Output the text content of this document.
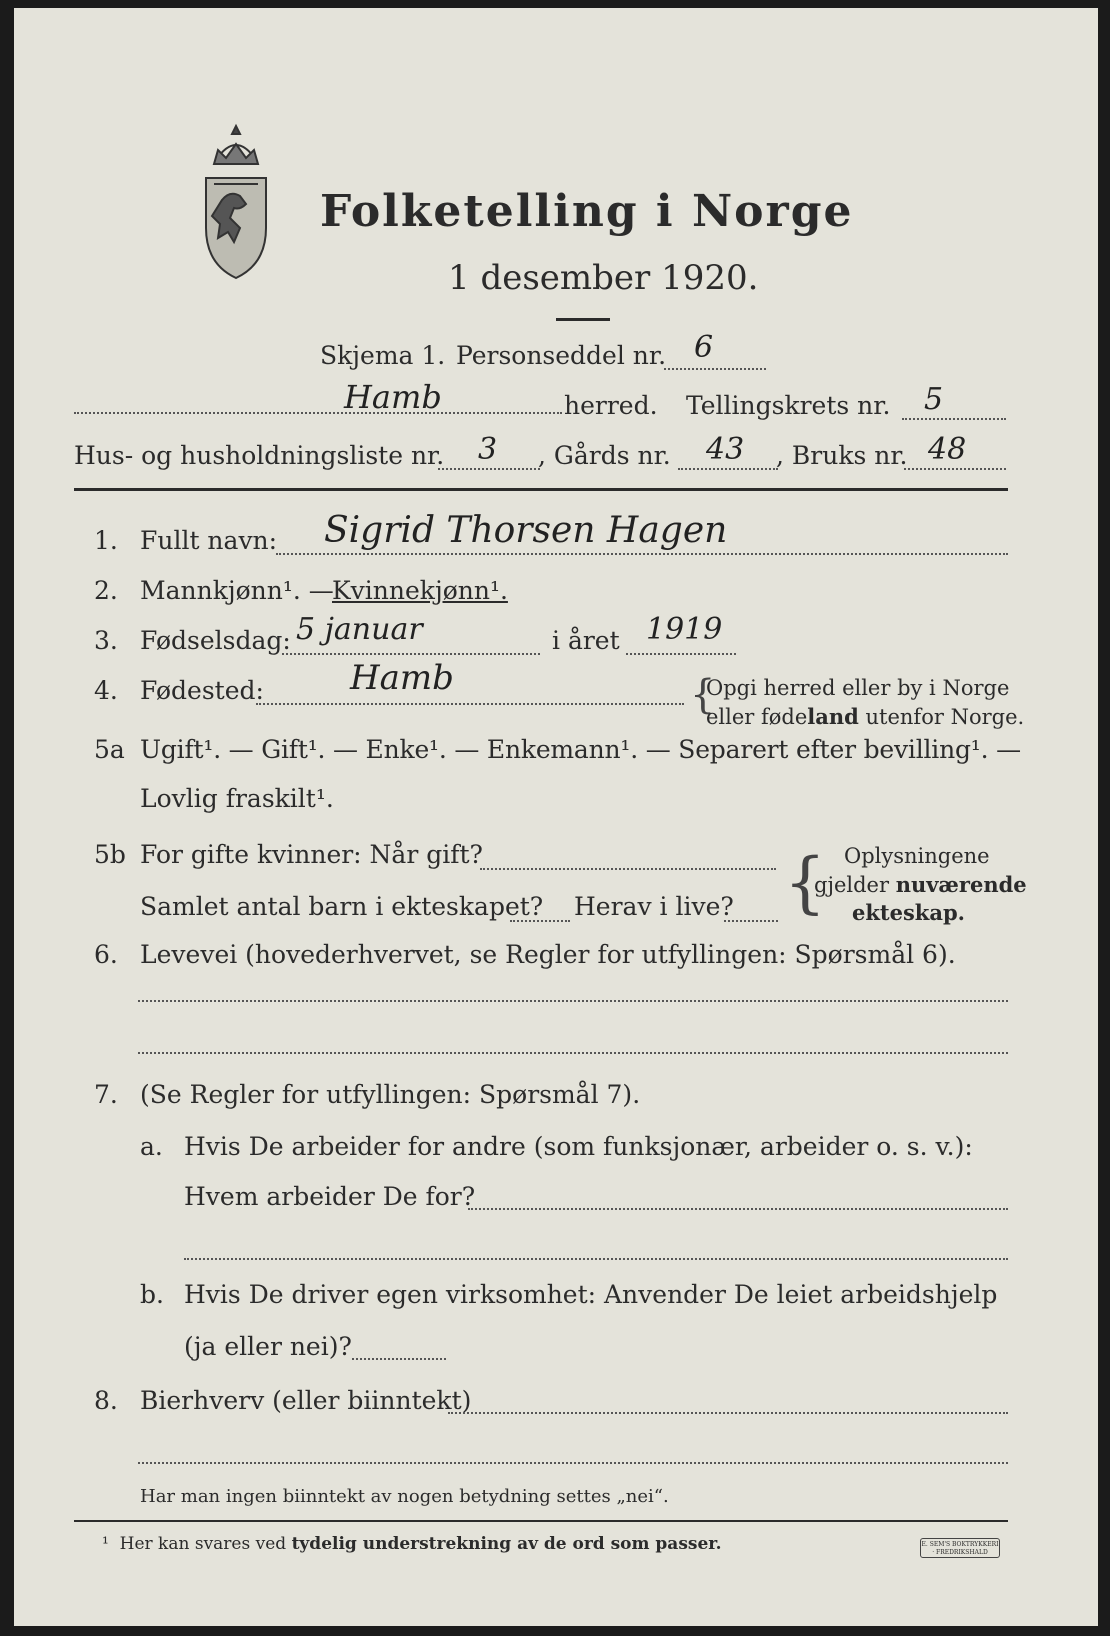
Folketelling i Norge
1 desember 1920.
Skjema 1. Personseddel nr. 6
Hamb	herred. Tellingskrets nr. 5
Hus- og husholdningsliste nr. 3 , Gårds nr. 43 , Bruks nr. 48
1. Fullt navn: Sigrid Thorsen Hagen
2. Mannkjønn¹. —
Kvinnekjønn¹.
3. Fødselsdag: 5 januar	i året 1919
4. Fødested:	Hamb	{
Opgi herred eller by i Norge
eller fødeland utenfor Norge.
5a Ugift¹. — Gift¹. — Enke¹. — Enkemann¹. — Separert efter bevilling¹. —
Lovlig fraskilt¹.
5b For gifte kvinner: Når gift?
Samlet antal barn i ekteskapet? Herav i live? { Oplysningene
gjelder nuværende
ekteskap.
6. Levevei (hovederhvervet, se Regler for utfyllingen: Spørsmål 6).
7. (Se Regler for utfyllingen: Spørsmål 7).
a. Hvis De arbeider for andre (som funksjonær, arbeider o. s. v.):
Hvem arbeider De for?
b. Hvis De driver egen virksomhet: Anvender De leiet arbeidshjelp
(ja eller nei)?
8. Bierhverv (eller biinntekt)
Har man ingen biinntekt av nogen betydning settes „nei“.
¹ Her kan svares ved tydelig understrekning av de ord som passer.	E. SEM'S BOKTRYKKERI · FREDRIKSHALD
